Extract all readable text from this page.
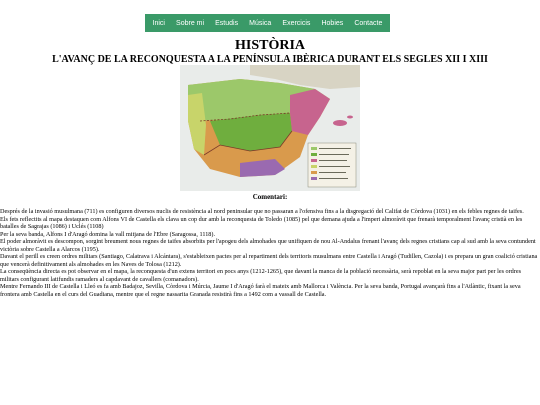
Inici Sobre mi Estudis Música Exercicis Hobies Contacte
HISTÒRIA
L'AVANÇ DE LA RECONQUESTA A LA PENÍNSULA IBÈRICA DURANT ELS SEGLES XII I XIII
Comentari:

Després de la invasió musulmana (711) es configuren diversos nuclis de resistència al nord peninsular que no passaran a l'ofensiva fins a la disgregació del Califat de Còrdova (1031) en els febles regnes de taifes.

Els fets reflectits al mapa destaquen com Alfons VI de Castella els clava un cop dur amb la reconquesta de Toledo (1085) pel que demana ajuda a l'imperi almoràvit que frenarà temporalment l'avanç cristià en les batalles de Sagrajas (1086) i Uclés (1108)

Per la seva banda, Alfons I d'Aragó domina la vall mitjana de l'Ebre (Saragossa, 1118).

El poder almoràvit es descompon, sorgint breument nous regnes de taifes absorbits per l'apogeu dels almohades que unifiquen de nou Al-Andalus frenant l'avanç dels regnes cristians cap al sud amb la seva contundent victòria sobre Castella a Alarcos (1195).

Davant el perill es creen ordres militars (Santiago, Calatrava i Alcántara), s'estableixen pactes per al repartiment dels territoris musulmans entre Castella i Aragó (Tudillen, Cazola) i es prepara un gran coalició cristiana que vencerà definitivament als almohades en les Naves de Tolosa (1212).

La conseqüència directa es pot observar en el mapa, la reconquesta d'un extens territori en pocs anys (1212-1265), que davant la manca de la població necessària, serà repoblat en la seva major part per les ordres militars configurant latifundis ramaders al capdavant de cavallers (comanadors).

Mentre Fernando III de Castella i Lleó es fa amb Badajoz, Sevilla, Còrdova i Múrcia, Jaume I d'Aragó farà el mateix amb Mallorca i València. Per la seva banda, Portugal avançarà fins a l'Atlàntic, fixant la seva frontera amb Castella en el curs del Guadiana, mentre que el regne nassarita Granada resistirà fins a 1492 com a vassall de Castella.
